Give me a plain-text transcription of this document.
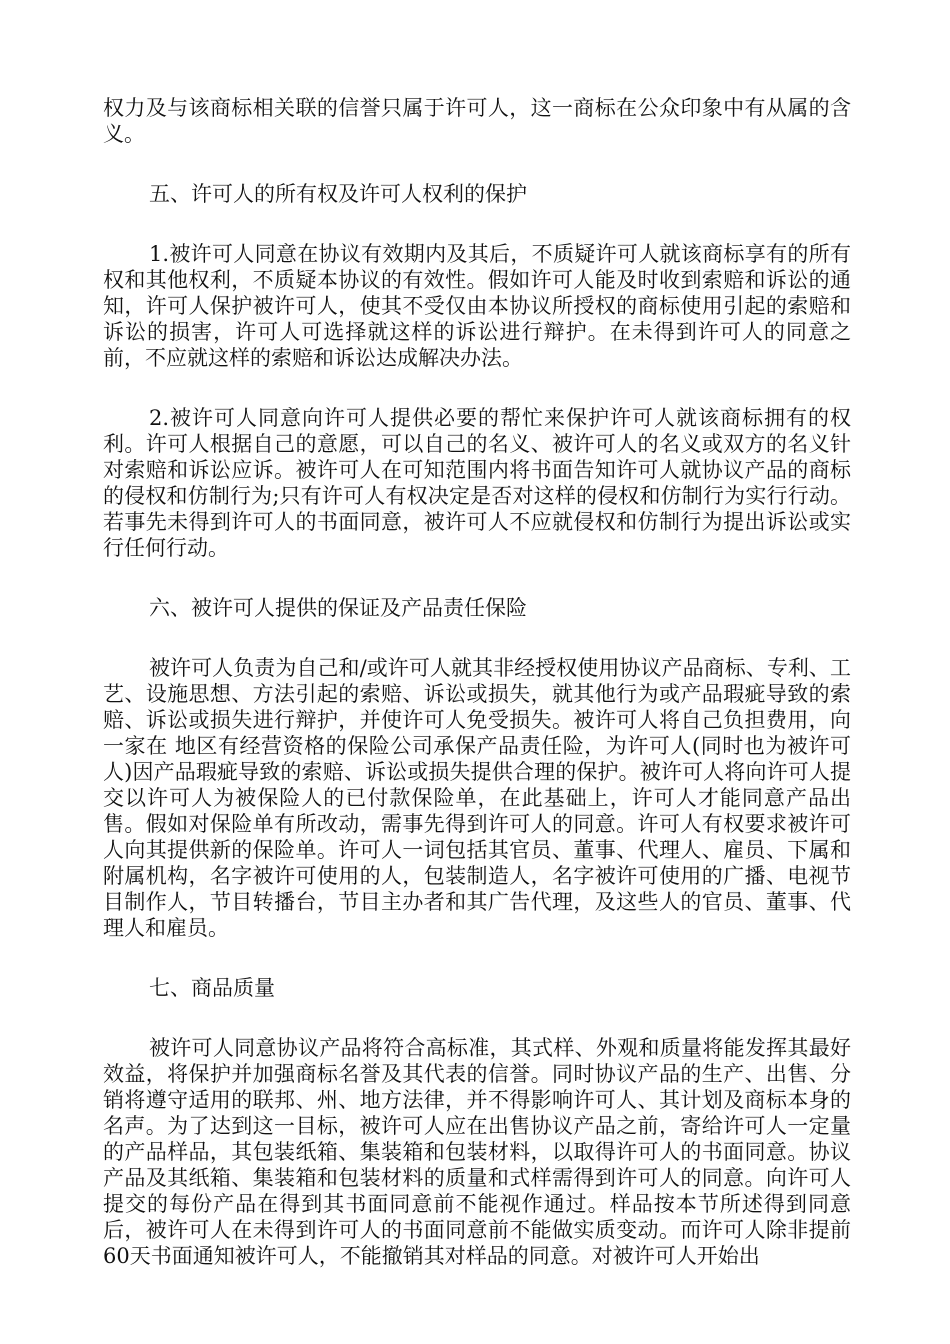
权力及与该商标相关联的信誉只属于许可人，这一商标在公众印象中有从属的含义。

五、许可人的所有权及许可人权利的保护

1.被许可人同意在协议有效期内及其后，不质疑许可人就该商标享有的所有权和其他权利，不质疑本协议的有效性。假如许可人能及时收到索赔和诉讼的通知，许可人保护被许可人，使其不受仅由本协议所授权的商标使用引起的索赔和诉讼的损害，许可人可选择就这样的诉讼进行辩护。在未得到许可人的同意之前，不应就这样的索赔和诉讼达成解决办法。

2.被许可人同意向许可人提供必要的帮忙来保护许可人就该商标拥有的权利。许可人根据自己的意愿，可以自己的名义、被许可人的名义或双方的名义针对索赔和诉讼应诉。被许可人在可知范围内将书面告知许可人就协议产品的商标的侵权和仿制行为;只有许可人有权决定是否对这样的侵权和仿制行为实行行动。若事先未得到许可人的书面同意，被许可人不应就侵权和仿制行为提出诉讼或实行任何行动。

六、被许可人提供的保证及产品责任保险

被许可人负责为自己和/或许可人就其非经授权使用协议产品商标、专利、工艺、设施思想、方法引起的索赔、诉讼或损失，就其他行为或产品瑕疵导致的索赔、诉讼或损失进行辩护，并使许可人免受损失。被许可人将自己负担费用，向一家在 地区有经营资格的保险公司承保产品责任险，为许可人(同时也为被许可人)因产品瑕疵导致的索赔、诉讼或损失提供合理的保护。被许可人将向许可人提交以许可人为被保险人的已付款保险单，在此基础上，许可人才能同意产品出售。假如对保险单有所改动，需事先得到许可人的同意。许可人有权要求被许可人向其提供新的保险单。许可人一词包括其官员、董事、代理人、雇员、下属和附属机构，名字被许可使用的人，包装制造人，名字被许可使用的广播、电视节目制作人，节目转播台，节目主办者和其广告代理，及这些人的官员、董事、代理人和雇员。

七、商品质量

被许可人同意协议产品将符合高标准，其式样、外观和质量将能发挥其最好效益，将保护并加强商标名誉及其代表的信誉。同时协议产品的生产、出售、分销将遵守适用的联邦、州、地方法律，并不得影响许可人、其计划及商标本身的名声。为了达到这一目标，被许可人应在出售协议产品之前，寄给许可人一定量的产品样品，其包装纸箱、集装箱和包装材料，以取得许可人的书面同意。协议产品及其纸箱、集装箱和包装材料的质量和式样需得到许可人的同意。向许可人提交的每份产品在得到其书面同意前不能视作通过。样品按本节所述得到同意后，被许可人在未得到许可人的书面同意前不能做实质变动。而许可人除非提前60天书面通知被许可人，不能撤销其对样品的同意。对被许可人开始出
